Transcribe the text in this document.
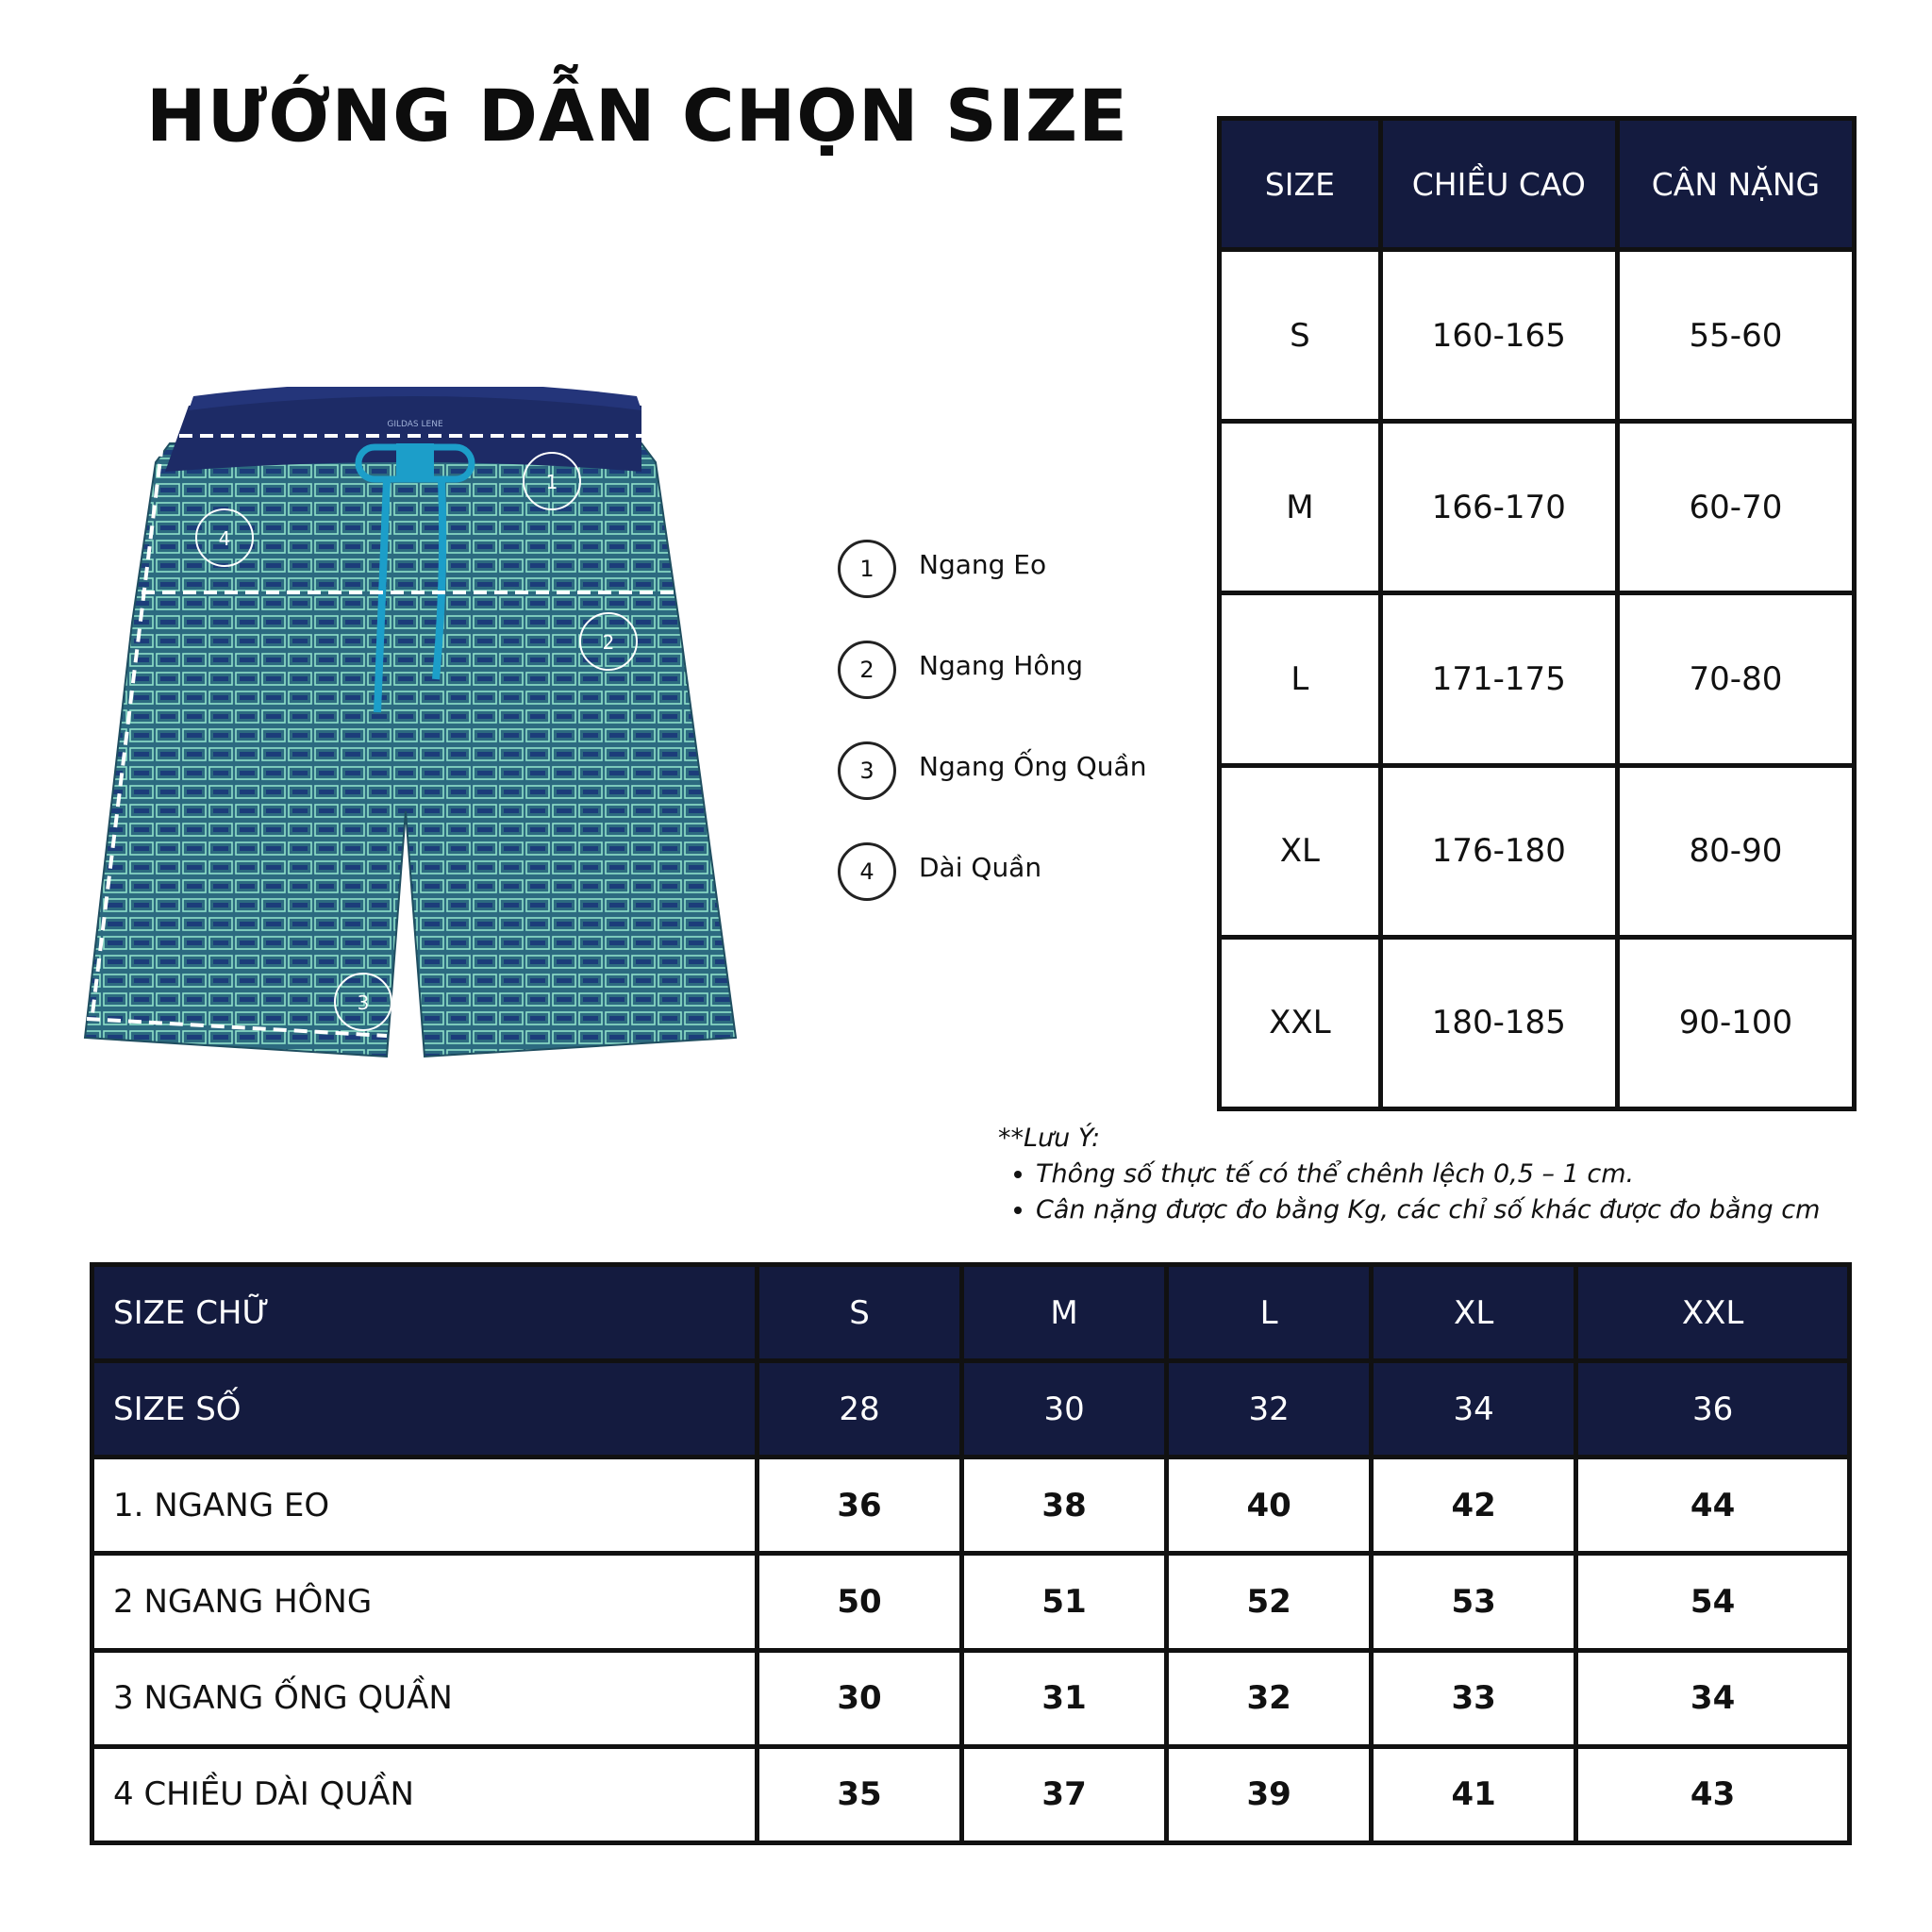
HƯỚNG DẪN CHỌN SIZE
GILDAS LENE
1
2
3
4
1	Ngang Eo
2	Ngang Hông
3	Ngang Ống Quần
4	Dài Quần
SIZE	CHIỀU CAO	CÂN NẶNG
S	160-165	55-60
M	166-170	60-70
L	171-175	70-80
XL	176-180	80-90
XXL	180-185	90-100
**Lưu Ý:
• Thông số thực tế có thể chênh lệch 0,5 – 1 cm.
• Cân nặng được đo bằng Kg, các chỉ số khác được đo bằng cm
SIZE CHỮ	S	M	L	XL	XXL
SIZE SỐ	28	30	32	34	36
1. NGANG EO	36	38	40	42	44
2 NGANG HÔNG	50	51	52	53	54
3 NGANG ỐNG QUẦN	30	31	32	33	34
4 CHIỀU DÀI QUẦN	35	37	39	41	43
